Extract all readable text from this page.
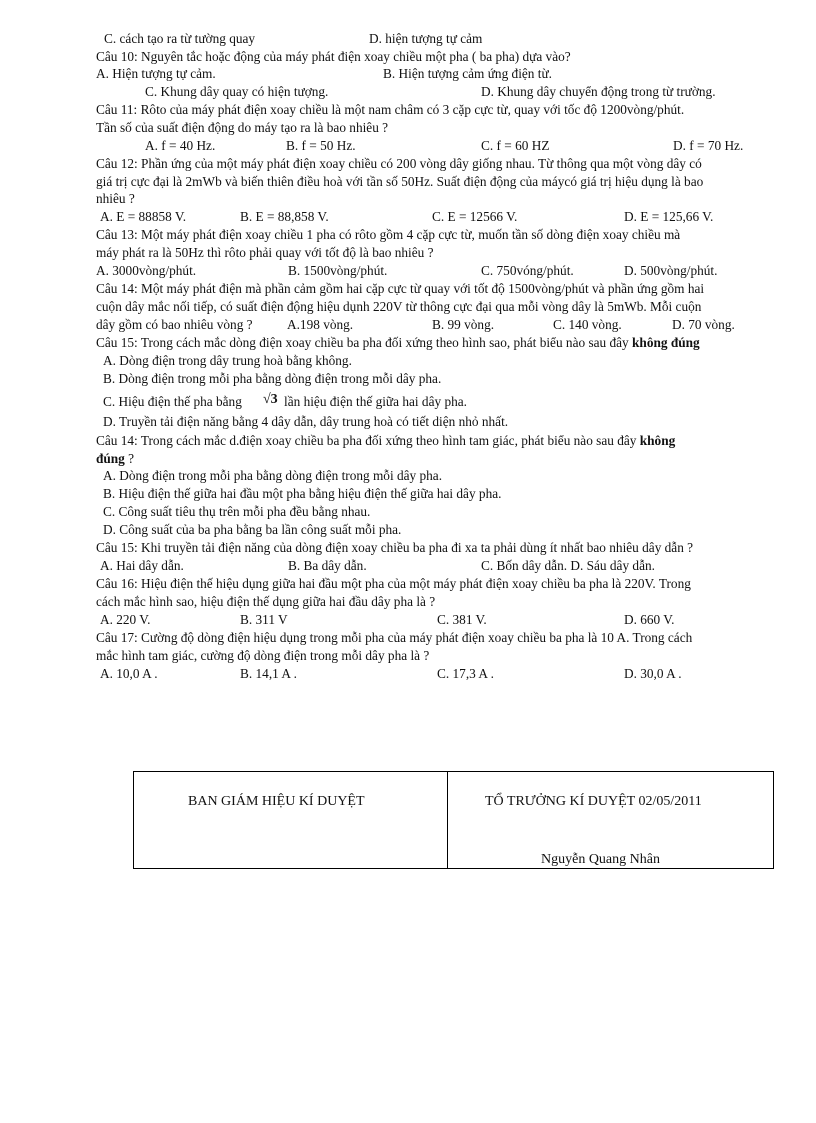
C. cách tạo ra từ tường quay	D. hiện tượng tự cảm
Câu 10: Nguyên tắc hoặc động của máy phát điện xoay chiều một pha ( ba pha) dựa vào?
A. Hiện tượng tự cảm.	B. Hiện tượng cảm ứng điện từ.
C. Khung dây quay có hiện tượng.	D. Khung dây chuyển động trong từ trường.
Câu 11: Rôto của máy phát điện xoay chiều là một nam châm có 3 cặp cực từ, quay với tốc độ 1200vòng/phút.
Tần số của suất điện động do máy tạo ra là bao nhiêu ?
A. f = 40 Hz.	B. f = 50 Hz.	C. f = 60 HZ	D. f = 70 Hz.
Câu 12: Phần ứng của một máy phát điện xoay chiều có 200 vòng dây giống nhau. Từ thông qua một vòng dây có
giá trị cực đại là 2mWb và biến thiên điều hoà với tần số 50Hz. Suất điện động của máycó giá trị hiệu dụng là bao
nhiêu ?
A. E = 88858 V.	B. E = 88,858 V.	C. E = 12566 V.	D. E = 125,66 V.
Câu 13: Một máy phát điện xoay chiều 1 pha có rôto gồm 4 cặp cực từ, muốn tần số dòng điện xoay chiều mà
máy phát ra là 50Hz thì rôto phải quay với tốt độ là bao nhiêu ?
A. 3000vòng/phút.	B. 1500vòng/phút.	C. 750vóng/phút.	D. 500vòng/phút.
Câu 14: Một máy phát điện mà phần cảm gồm hai cặp cực từ quay với tốt độ 1500vòng/phút và phần ứng gồm hai
cuộn dây mắc nối tiếp, có suất điện động hiệu dụnh 220V từ thông cực đại qua mỗi vòng dây là 5mWb. Mỗi cuộn
dây gồm có bao nhiêu vòng ?	A.198 vòng.	B. 99 vòng.	C. 140 vòng.	D. 70 vòng.
Câu 15: Trong cách mắc dòng điện xoay chiều ba pha đối xứng theo hình sao, phát biểu nào sau đây không đúng
A. Dòng điện trong dây trung hoà bằng không.
B. Dòng điện trong mỗi pha bằng dòng điện trong mỗi dây pha.
C. Hiệu điện thế pha bằng √3 lần hiệu điện thế giữa hai dây pha.
D. Truyền tải điện năng bằng 4 dây dẫn, dây trung hoà có tiết diện nhỏ nhất.
Câu 14: Trong cách mắc d.điện xoay chiều ba pha đối xứng theo hình tam giác, phát biểu nào sau đây không
đúng ?
A. Dòng điện trong mỗi pha bằng dòng điện trong mỗi dây pha.
B. Hiệu điện thế giữa hai đầu một pha bằng hiệu điện thế giữa hai dây pha.
C. Công suất tiêu thụ trên mỗi pha đều bằng nhau.
D. Công suất của ba pha bằng ba lần công suất mỗi pha.
Câu 15: Khi truyền tải điện năng của dòng điện xoay chiều ba pha đi xa ta phải dùng ít nhất bao nhiêu dây dẫn ?
A. Hai dây dẫn.	B. Ba dây dẫn.	C. Bốn dây dẫn. D. Sáu dây dẫn.
Câu 16: Hiệu điện thế hiệu dụng giữa hai đầu một pha của một máy phát điện xoay chiều ba pha là 220V. Trong
cách mắc hình sao, hiệu điện thế dụng giữa hai đầu dây pha là ?
A. 220 V.	B. 311 V	C. 381 V.	D. 660 V.
Câu 17: Cường độ dòng điện hiệu dụng trong mỗi pha của máy phát điện xoay chiều ba pha là 10 A. Trong cách
mắc hình tam giác, cường độ dòng điện trong mỗi dây pha là ?
A. 10,0 A .	B. 14,1 A .	C. 17,3 A .	D. 30,0 A .
BAN GIÁM HIỆU KÍ DUYỆT	TỔ TRƯỞNG KÍ DUYỆT 02/05/2011
Nguyễn Quang Nhân
